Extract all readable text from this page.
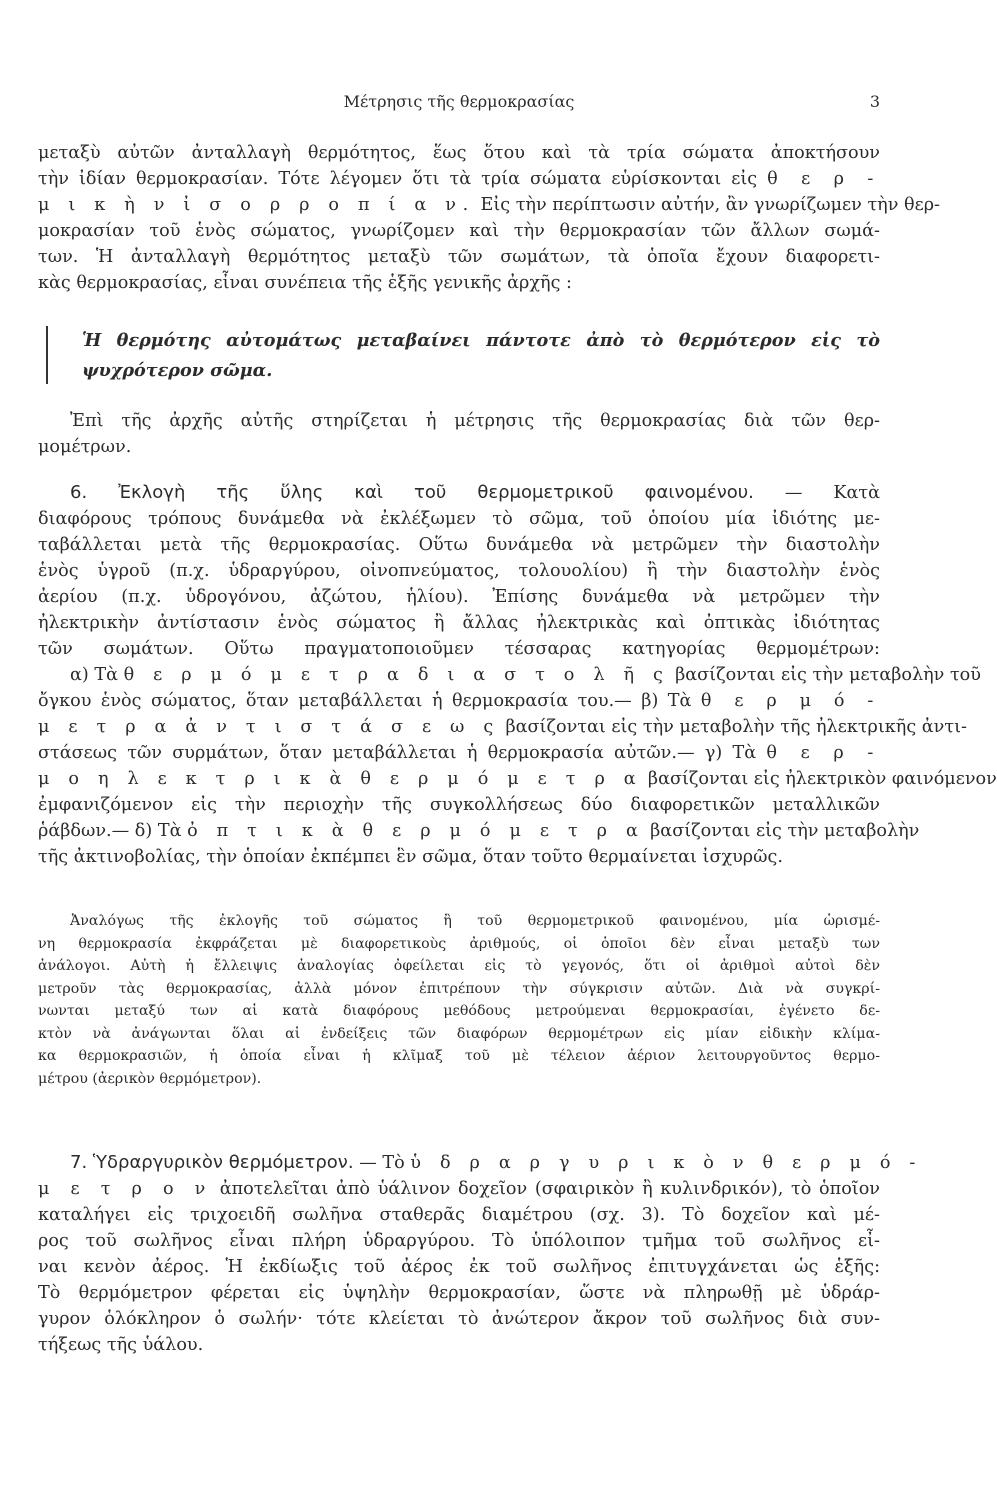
Μέτρησις τῆς θερμοκρασίας	3
μεταξὺ αὐτῶν ἀνταλλαγὴ θερμότητος, ἕως ὅτου καὶ τὰ τρία σώματα ἀποκτήσουν
τὴν ἰδίαν θερμοκρασίαν. Τότε λέγομεν ὅτι τὰ τρία σώματα εὑρίσκονται εἰς θ ε ρ -
μ ι κ ὴ ν ἰ σ ο ρ ρ ο π ί α ν. Εἰς τὴν περίπτωσιν αὐτήν, ἂν γνωρίζωμεν τὴν θερ-
μοκρασίαν τοῦ ἑνὸς σώματος, γνωρίζομεν καὶ τὴν θερμοκρασίαν τῶν ἄλλων σωμά-
των. Ἡ ἀνταλλαγὴ θερμότητος μεταξὺ τῶν σωμάτων, τὰ ὁποῖα ἔχουν διαφορετι-
κὰς θερμοκρασίας, εἶναι συνέπεια τῆς ἑξῆς γενικῆς ἀρχῆς :
Ἡ θερμότης αὐτομάτως μεταβαίνει πάντοτε ἀπὸ τὸ θερμότερον εἰς τὸ
ψυχρότερον σῶμα.
Ἐπὶ τῆς ἀρχῆς αὐτῆς στηρίζεται ἡ μέτρησις τῆς θερμοκρασίας διὰ τῶν θερ-
μομέτρων.
6. Ἐκλογὴ τῆς ὕλης καὶ τοῦ θερμομετρικοῦ φαινομένου. — Κατὰ
διαφόρους τρόπους δυνάμεθα νὰ ἐκλέξωμεν τὸ σῶμα, τοῦ ὁποίου μία ἰδιότης με-
ταβάλλεται μετὰ τῆς θερμοκρασίας. Οὕτω δυνάμεθα νὰ μετρῶμεν τὴν διαστολὴν
ἑνὸς ὑγροῦ (π.χ. ὑδραργύρου, οἰνοπνεύματος, τολουολίου) ἢ τὴν διαστολὴν ἑνὸς
ἀερίου (π.χ. ὑδρογόνου, ἀζώτου, ἡλίου). Ἐπίσης δυνάμεθα νὰ μετρῶμεν τὴν
ἠλεκτρικὴν ἀντίστασιν ἑνὸς σώματος ἢ ἄλλας ἠλεκτρικὰς καὶ ὀπτικὰς ἰδιότητας
τῶν σωμάτων. Οὕτω πραγματοποιοῦμεν τέσσαρας κατηγορίας θερμομέτρων:
α) Τὰ θ ε ρ μ ό μ ε τ ρ α δ ι α σ τ ο λ ῆ ς βασίζονται εἰς τὴν μεταβολὴν τοῦ
ὄγκου ἑνὸς σώματος, ὅταν μεταβάλλεται ἡ θερμοκρασία του.— β) Τὰ θ ε ρ μ ό -
μ ε τ ρ α ἀ ν τ ι σ τ ά σ ε ω ς βασίζονται εἰς τὴν μεταβολὴν τῆς ἠλεκτρικῆς ἀντι-
στάσεως τῶν συρμάτων, ὅταν μεταβάλλεται ἡ θερμοκρασία αὐτῶν.— γ) Τὰ θ ε ρ -
μ ο η λ ε κ τ ρ ι κ ὰ θ ε ρ μ ό μ ε τ ρ α βασίζονται εἰς ἠλεκτρικὸν φαινόμενον
ἐμφανιζόμενον εἰς τὴν περιοχὴν τῆς συγκολλήσεως δύο διαφορετικῶν μεταλλικῶν
ῥάβδων.— δ) Τὰ ὀ π τ ι κ ὰ θ ε ρ μ ό μ ε τ ρ α βασίζονται εἰς τὴν μεταβολὴν
τῆς ἀκτινοβολίας, τὴν ὁποίαν ἐκπέμπει ἓν σῶμα, ὅταν τοῦτο θερμαίνεται ἰσχυρῶς.
Ἀναλόγως τῆς ἐκλογῆς τοῦ σώματος ἢ τοῦ θερμομετρικοῦ φαινομένου, μία ὡρισμέ-
νη θερμοκρασία ἐκφράζεται μὲ διαφορετικοὺς ἀριθμούς, οἱ ὁποῖοι δὲν εἶναι μεταξὺ των
ἀνάλογοι. Αὐτὴ ἡ ἔλλειψις ἀναλογίας ὀφείλεται εἰς τὸ γεγονός, ὅτι οἱ ἀριθμοὶ αὐτοὶ δὲν
μετροῦν τὰς θερμοκρασίας, ἀλλὰ μόνον ἐπιτρέπουν τὴν σύγκρισιν αὐτῶν. Διὰ νὰ συγκρί-
νωνται μεταξύ των αἱ κατὰ διαφόρους μεθόδους μετρούμεναι θερμοκρασίαι, ἐγένετο δε-
κτὸν νὰ ἀνάγωνται ὅλαι αἱ ἐνδείξεις τῶν διαφόρων θερμομέτρων εἰς μίαν εἰδικὴν κλίμα-
κα θερμοκρασιῶν, ἡ ὁποία εἶναι ἡ κλῖμαξ τοῦ μὲ τέλειον ἀέριον λειτουργοῦντος θερμο-
μέτρου (ἀερικὸν θερμόμετρον).
7. Ὑδραργυρικὸν θερμόμετρον. — Τὸ ὑ δ ρ α ρ γ υ ρ ι κ ὸ ν θ ε ρ μ ό -
μ ε τ ρ ο ν ἀποτελεῖται ἀπὸ ὑάλινον δοχεῖον (σφαιρικὸν ἢ κυλινδρικόν), τὸ ὁποῖον
καταλήγει εἰς τριχοειδῆ σωλῆνα σταθερᾶς διαμέτρου (σχ. 3). Τὸ δοχεῖον καὶ μέ-
ρος τοῦ σωλῆνος εἶναι πλήρη ὑδραργύρου. Τὸ ὑπόλοιπον τμῆμα τοῦ σωλῆνος εἶ-
ναι κενὸν ἀέρος. Ἡ ἐκδίωξις τοῦ ἀέρος ἐκ τοῦ σωλῆνος ἐπιτυγχάνεται ὡς ἑξῆς:
Τὸ θερμόμετρον φέρεται εἰς ὑψηλὴν θερμοκρασίαν, ὥστε νὰ πληρωθῇ μὲ ὑδράρ-
γυρον ὁλόκληρον ὁ σωλήν· τότε κλείεται τὸ ἀνώτερον ἄκρον τοῦ σωλῆνος διὰ συν-
τήξεως τῆς ὑάλου.
